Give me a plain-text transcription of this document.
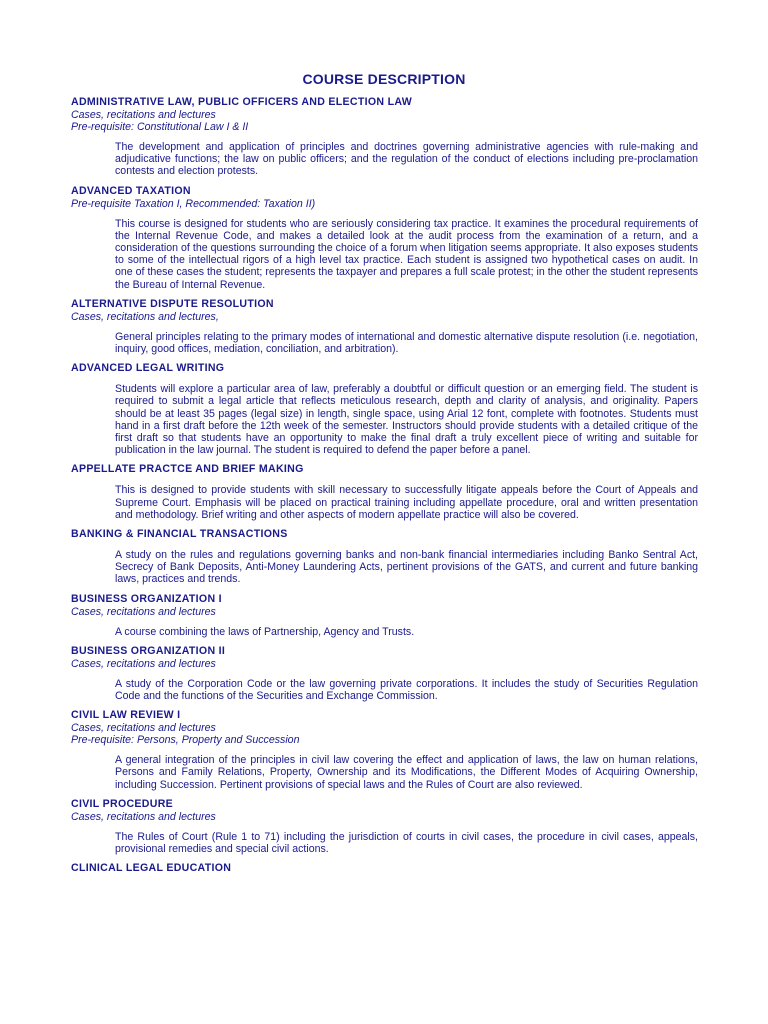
COURSE DESCRIPTION
ADMINISTRATIVE LAW, PUBLIC OFFICERS AND ELECTION LAW
Cases, recitations and lectures
Pre-requisite: Constitutional Law I & II
The development and application of principles and doctrines governing administrative agencies with rule-making and adjudicative functions; the law on public officers; and the regulation of the conduct of elections including pre-proclamation contests and election protests.
ADVANCED TAXATION
Pre-requisite Taxation I, Recommended: Taxation II)
This course is designed for students who are seriously considering tax practice. It examines the procedural requirements of the Internal Revenue Code, and makes a detailed look at the audit process from the examination of a return, and a consideration of the questions surrounding the choice of a forum when litigation seems appropriate. It also exposes students to some of the intellectual rigors of a high level tax practice. Each student is assigned two hypothetical cases on audit. In one of these cases the student; represents the taxpayer and prepares a full scale protest; in the other the student represents the Bureau of Internal Revenue.
ALTERNATIVE DISPUTE RESOLUTION
Cases, recitations and lectures,
General principles relating to the primary modes of international and domestic alternative dispute resolution (i.e. negotiation, inquiry, good offices, mediation, conciliation, and arbitration).
ADVANCED LEGAL WRITING
Students will explore a particular area of law, preferably a doubtful or difficult question or an emerging field. The student is required to submit a legal article that reflects meticulous research, depth and clarity of analysis, and originality. Papers should be at least 35 pages (legal size) in length, single space, using Arial 12 font, complete with footnotes. Students must hand in a first draft before the 12th week of the semester. Instructors should provide students with a detailed critique of the first draft so that students have an opportunity to make the final draft a truly excellent piece of writing and suitable for publication in the law journal. The student is required to defend the paper before a panel.
APPELLATE PRACTCE AND BRIEF MAKING
This is designed to provide students with skill necessary to successfully litigate appeals before the Court of Appeals and Supreme Court. Emphasis will be placed on practical training including appellate procedure, oral and written presentation and methodology. Brief writing and other aspects of modern appellate practice will also be covered.
BANKING & FINANCIAL TRANSACTIONS
A study on the rules and regulations governing banks and non-bank financial intermediaries including Banko Sentral Act, Secrecy of Bank Deposits, Anti-Money Laundering Acts, pertinent provisions of the GATS, and current and future banking laws, practices and trends.
BUSINESS ORGANIZATION I
Cases, recitations and lectures
A course combining the laws of Partnership, Agency and Trusts.
BUSINESS ORGANIZATION II
Cases, recitations and lectures
A study of the Corporation Code or the law governing private corporations. It includes the study of Securities Regulation Code and the functions of the Securities and Exchange Commission.
CIVIL LAW REVIEW I
Cases, recitations and lectures
Pre-requisite: Persons, Property and Succession
A general integration of the principles in civil law covering the effect and application of laws, the law on human relations, Persons and Family Relations, Property, Ownership and its Modifications, the Different Modes of Acquiring Ownership, including Succession. Pertinent provisions of special laws and the Rules of Court are also reviewed.
CIVIL PROCEDURE
Cases, recitations and lectures
The Rules of Court (Rule 1 to 71) including the jurisdiction of courts in civil cases, the procedure in civil cases, appeals, provisional remedies and special civil actions.
CLINICAL LEGAL EDUCATION
